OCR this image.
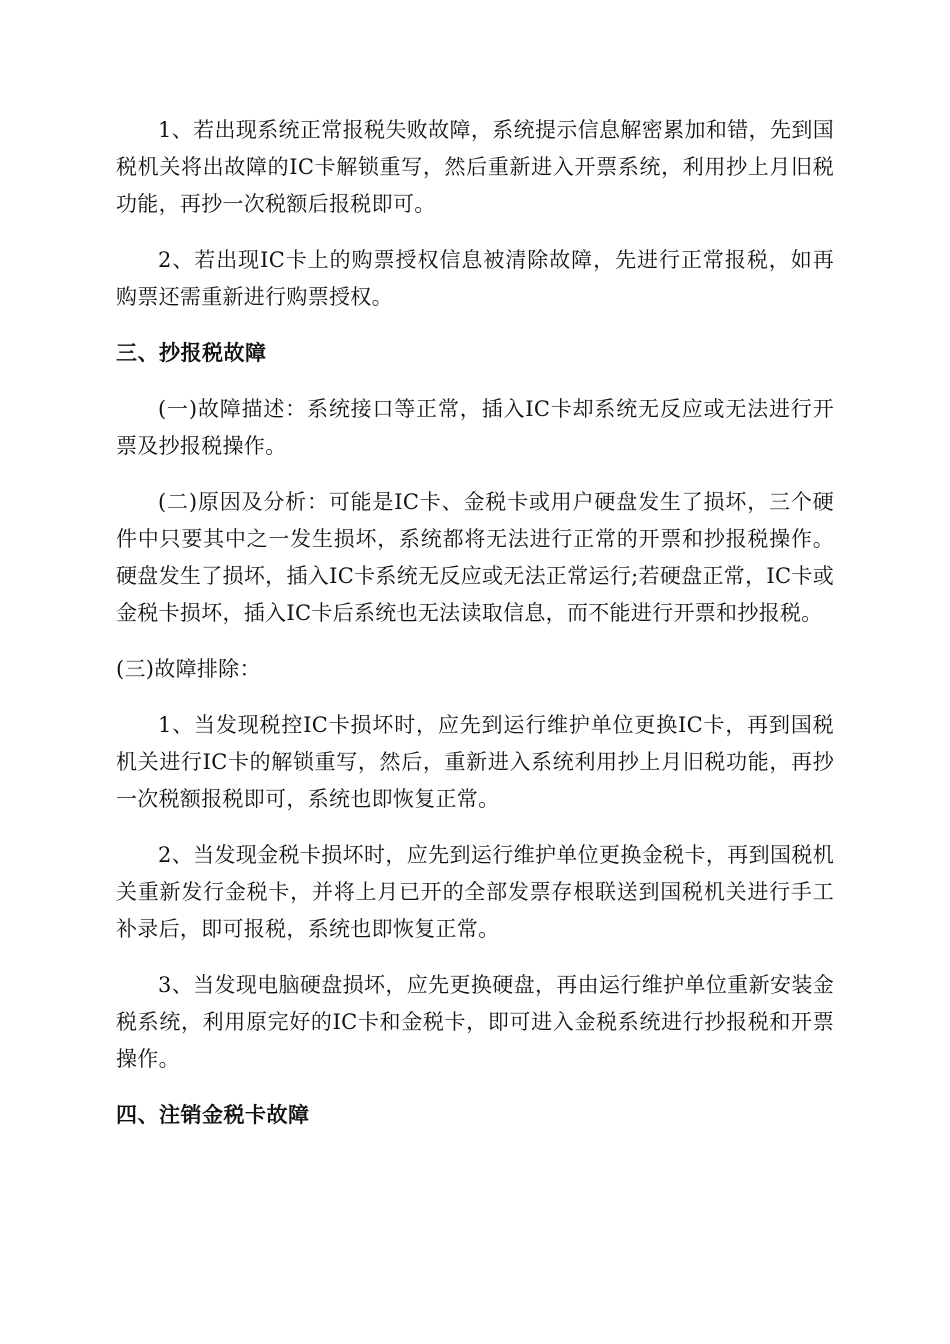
1、若出现系统正常报税失败故障，系统提示信息解密累加和错，先到国税机关将出故障的IC卡解锁重写，然后重新进入开票系统，利用抄上月旧税功能，再抄一次税额后报税即可。

2、若出现IC卡上的购票授权信息被清除故障，先进行正常报税，如再购票还需重新进行购票授权。

三、抄报税故障

(一)故障描述：系统接口等正常，插入IC卡却系统无反应或无法进行开票及抄报税操作。

(二)原因及分析：可能是IC卡、金税卡或用户硬盘发生了损坏，三个硬件中只要其中之一发生损坏，系统都将无法进行正常的开票和抄报税操作。硬盘发生了损坏，插入IC卡系统无反应或无法正常运行;若硬盘正常，IC卡或金税卡损坏，插入IC卡后系统也无法读取信息，而不能进行开票和抄报税。

(三)故障排除：

1、当发现税控IC卡损坏时，应先到运行维护单位更换IC卡，再到国税机关进行IC卡的解锁重写，然后，重新进入系统利用抄上月旧税功能，再抄一次税额报税即可，系统也即恢复正常。

2、当发现金税卡损坏时，应先到运行维护单位更换金税卡，再到国税机关重新发行金税卡，并将上月已开的全部发票存根联送到国税机关进行手工补录后，即可报税，系统也即恢复正常。

3、当发现电脑硬盘损坏，应先更换硬盘，再由运行维护单位重新安装金税系统，利用原完好的IC卡和金税卡，即可进入金税系统进行抄报税和开票操作。

四、注销金税卡故障
